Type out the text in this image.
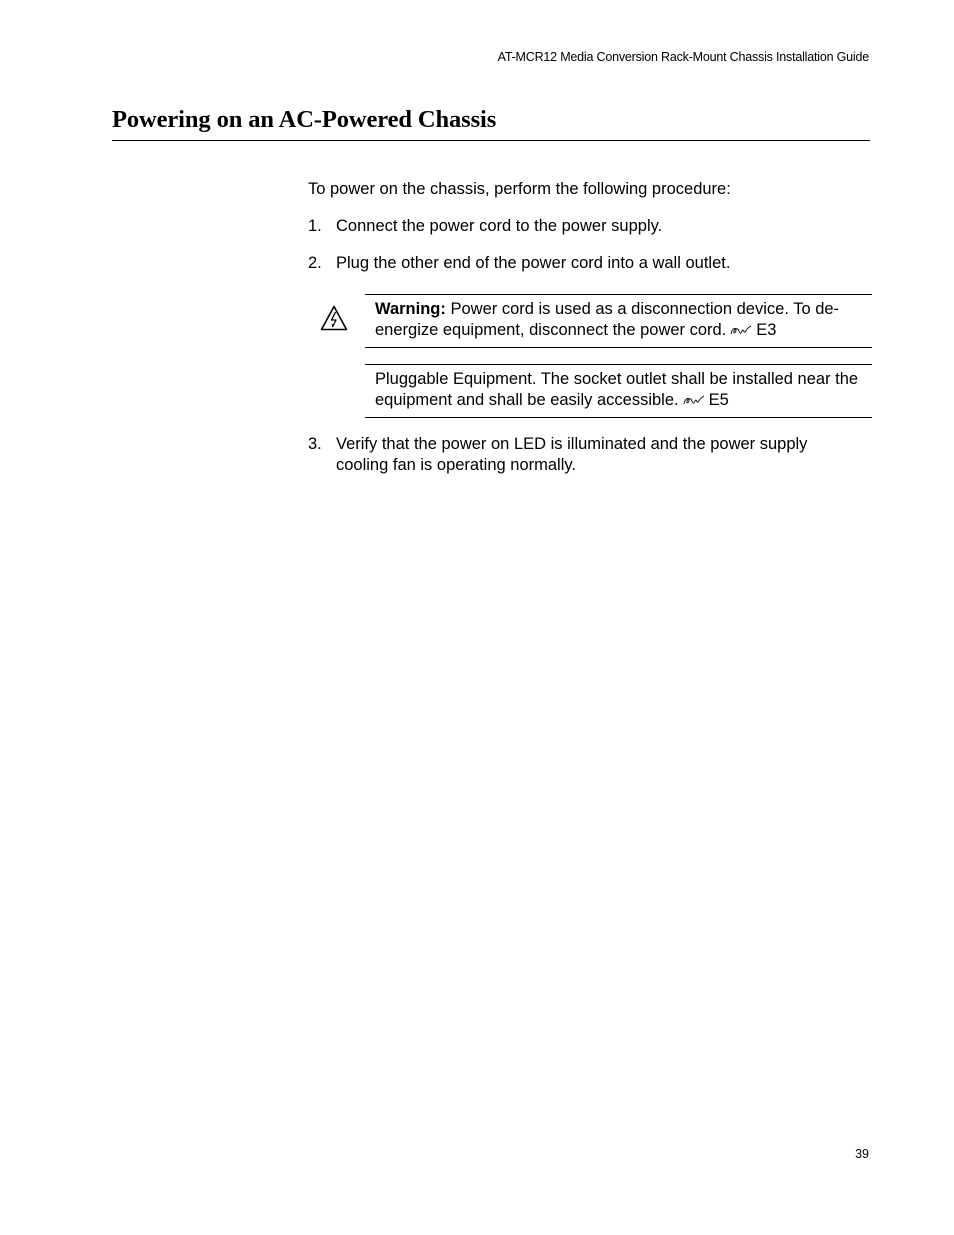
AT-MCR12 Media Conversion Rack-Mount Chassis Installation Guide
Powering on an AC-Powered Chassis
To power on the chassis, perform the following procedure:
1. Connect the power cord to the power supply.
2. Plug the other end of the power cord into a wall outlet.
Warning: Power cord is used as a disconnection device. To de-energize equipment, disconnect the power cord. E3
Pluggable Equipment. The socket outlet shall be installed near the equipment and shall be easily accessible. E5
3. Verify that the power on LED is illuminated and the power supply cooling fan is operating normally.
39
